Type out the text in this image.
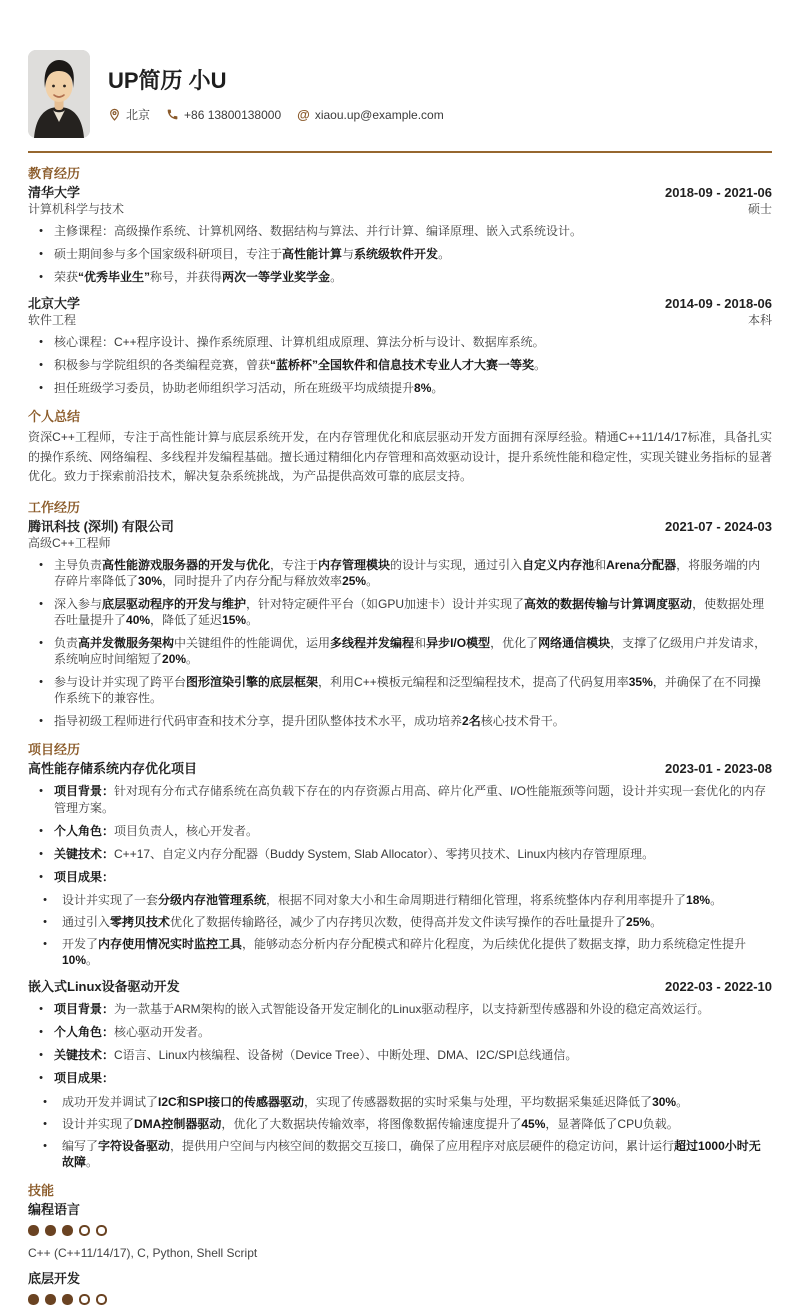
UP简历 小U
北京	+86 13800138000 @ xiaou.up@example.com
教育经历
清华大学	2018-09 - 2021-06
计算机科学与技术	硕士
• 主修课程：高级操作系统、计算机网络、数据结构与算法、并行计算、编译原理、嵌入式系统设计。
• 硕士期间参与多个国家级科研项目，专注于高性能计算与系统级软件开发。
• 荣获“优秀毕业生”称号，并获得两次一等学业奖学金。
北京大学	2014-09 - 2018-06
软件工程	本科
• 核心课程：C++程序设计、操作系统原理、计算机组成原理、算法分析与设计、数据库系统。
• 积极参与学院组织的各类编程竞赛，曾获“蓝桥杯”全国软件和信息技术专业人才大赛一等奖。
• 担任班级学习委员，协助老师组织学习活动，所在班级平均成绩提升8%。
个人总结

资深C++工程师，专注于高性能计算与底层系统开发，在内存管理优化和底层驱动开发方面拥有深厚经验。精通C++11/14/17标准，具备扎实的操作系统、网络编程、多线程并发编程基础。擅长通过精细化内存管理和高效驱动设计，提升系统性能和稳定性，实现关键业务指标的显著优化。致力于探索前沿技术，解决复杂系统挑战，为产品提供高效可靠的底层支持。

工作经历
腾讯科技 (深圳) 有限公司	2021-07 - 2024-03
高级C++工程师
• 主导负责高性能游戏服务器的开发与优化，专注于内存管理模块的设计与实现，通过引入自定义内存池和Arena分配器，将服务端的内存碎片率降低了30%，同时提升了内存分配与释放效率25%。
• 深入参与底层驱动程序的开发与维护，针对特定硬件平台（如GPU加速卡）设计并实现了高效的数据传输与计算调度驱动，使数据处理吞吐量提升了40%，降低了延迟15%。
• 负责高并发微服务架构中关键组件的性能调优，运用多线程并发编程和异步I/O模型，优化了网络通信模块，支撑了亿级用户并发请求，系统响应时间缩短了20%。
• 参与设计并实现了跨平台图形渲染引擎的底层框架，利用C++模板元编程和泛型编程技术，提高了代码复用率35%，并确保了在不同操作系统下的兼容性。
• 指导初级工程师进行代码审查和技术分享，提升团队整体技术水平，成功培养2名核心技术骨干。
项目经历
高性能存储系统内存优化项目	2023-01 - 2023-08
• 项目背景：针对现有分布式存储系统在高负载下存在的内存资源占用高、碎片化严重、I/O性能瓶颈等问题，设计并实现一套优化的内存管理方案。
• 个人角色：项目负责人，核心开发者。
• 关键技术：C++17、自定义内存分配器（Buddy System, Slab Allocator）、零拷贝技术、Linux内核内存管理原理。
• 项目成果：
•	设计并实现了一套分级内存池管理系统，根据不同对象大小和生命周期进行精细化管理，将系统整体内存利用率提升了18%。
•	通过引入零拷贝技术优化了数据传输路径，减少了内存拷贝次数，使得高并发文件读写操作的吞吐量提升了25%。
•	开发了内存使用情况实时监控工具，能够动态分析内存分配模式和碎片化程度，为后续优化提供了数据支撑，助力系统稳定性提升10%。
嵌入式Linux设备驱动开发	2022-03 - 2022-10
• 项目背景：为一款基于ARM架构的嵌入式智能设备开发定制化的Linux驱动程序，以支持新型传感器和外设的稳定高效运行。
• 个人角色：核心驱动开发者。
• 关键技术：C语言、Linux内核编程、设备树（Device Tree）、中断处理、DMA、I2C/SPI总线通信。
• 项目成果：
•	成功开发并调试了I2C和SPI接口的传感器驱动，实现了传感器数据的实时采集与处理，平均数据采集延迟降低了30%。
•	设计并实现了DMA控制器驱动，优化了大数据块传输效率，将图像数据传输速度提升了45%，显著降低了CPU负载。
•	编写了字符设备驱动，提供用户空间与内核空间的数据交互接口，确保了应用程序对底层硬件的稳定访问，累计运行超过1000小时无故障。
技能
编程语言
C++ (C++11/14/17), C, Python, Shell Script
底层开发
